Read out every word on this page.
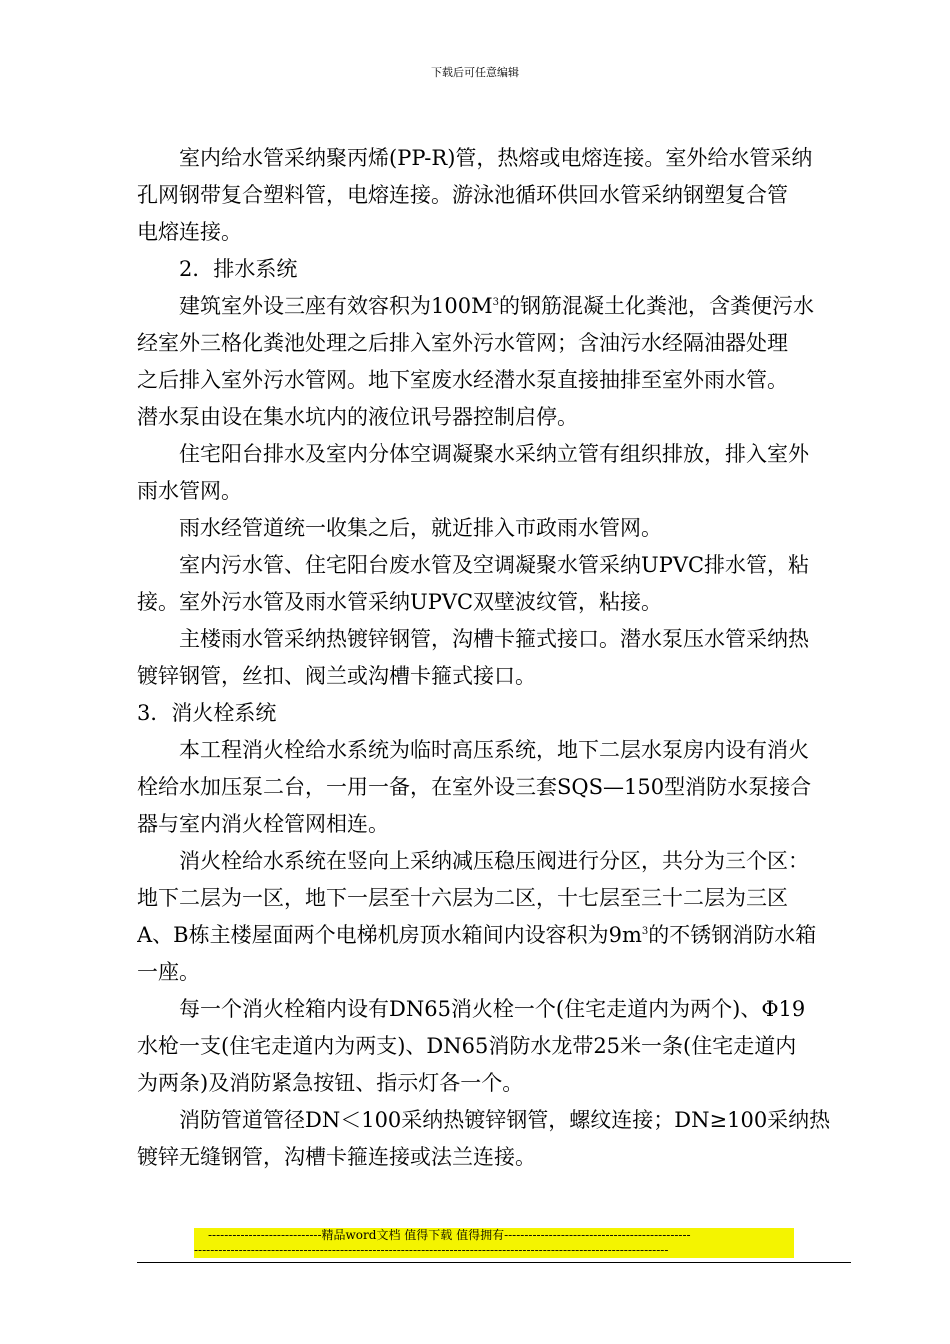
下载后可任意编辑
室内给水管采纳聚丙烯(PP-R)管，热熔或电熔连接。室外给水管采纳
孔网钢带复合塑料管，电熔连接。游泳池循环供回水管采纳钢塑复合管
电熔连接。
2．排水系统
建筑室外设三座有效容积为$100M^3$的钢筋混凝土化粪池，含粪便污水
经室外三格化粪池处理之后排入室外污水管网；含油污水经隔油器处理
之后排入室外污水管网。地下室废水经潜水泵直接抽排至室外雨水管。
潜水泵由设在集水坑内的液位讯号器控制启停。
住宅阳台排水及室内分体空调凝聚水采纳立管有组织排放，排入室外
雨水管网。
雨水经管道统一收集之后，就近排入市政雨水管网。
室内污水管、住宅阳台废水管及空调凝聚水管采纳UPVC排水管，粘
接。室外污水管及雨水管采纳UPVC双壁波纹管，粘接。
主楼雨水管采纳热镀锌钢管，沟槽卡箍式接口。潜水泵压水管采纳热
镀锌钢管，丝扣、阀兰或沟槽卡箍式接口。
3．消火栓系统
本工程消火栓给水系统为临时高压系统，地下二层水泵房内设有消火
栓给水加压泵二台，一用一备，在室外设三套SQS—150型消防水泵接合
器与室内消火栓管网相连。
消火栓给水系统在竖向上采纳减压稳压阀进行分区，共分为三个区：
地下二层为一区，地下一层至十六层为二区，十七层至三十二层为三区
A、B栋主楼屋面两个电梯机房顶水箱间内设容积为$9m^3$的不锈钢消防水箱
一座。
每一个消火栓箱内设有DN65消火栓一个(住宅走道内为两个)、Φ19
水枪一支(住宅走道内为两支)、DN65消防水龙带25米一条(住宅走道内
为两条)及消防紧急按钮、指示灯各一个。
消防管道管径DN＜100采纳热镀锌钢管，螺纹连接；DN≥100采纳热
镀锌无缝钢管，沟槽卡箍连接或法兰连接。
----------------------------精品word文档 值得下载 值得拥有----------------------------------------------
---------------------------------------------------------------------------------------------------------------------
